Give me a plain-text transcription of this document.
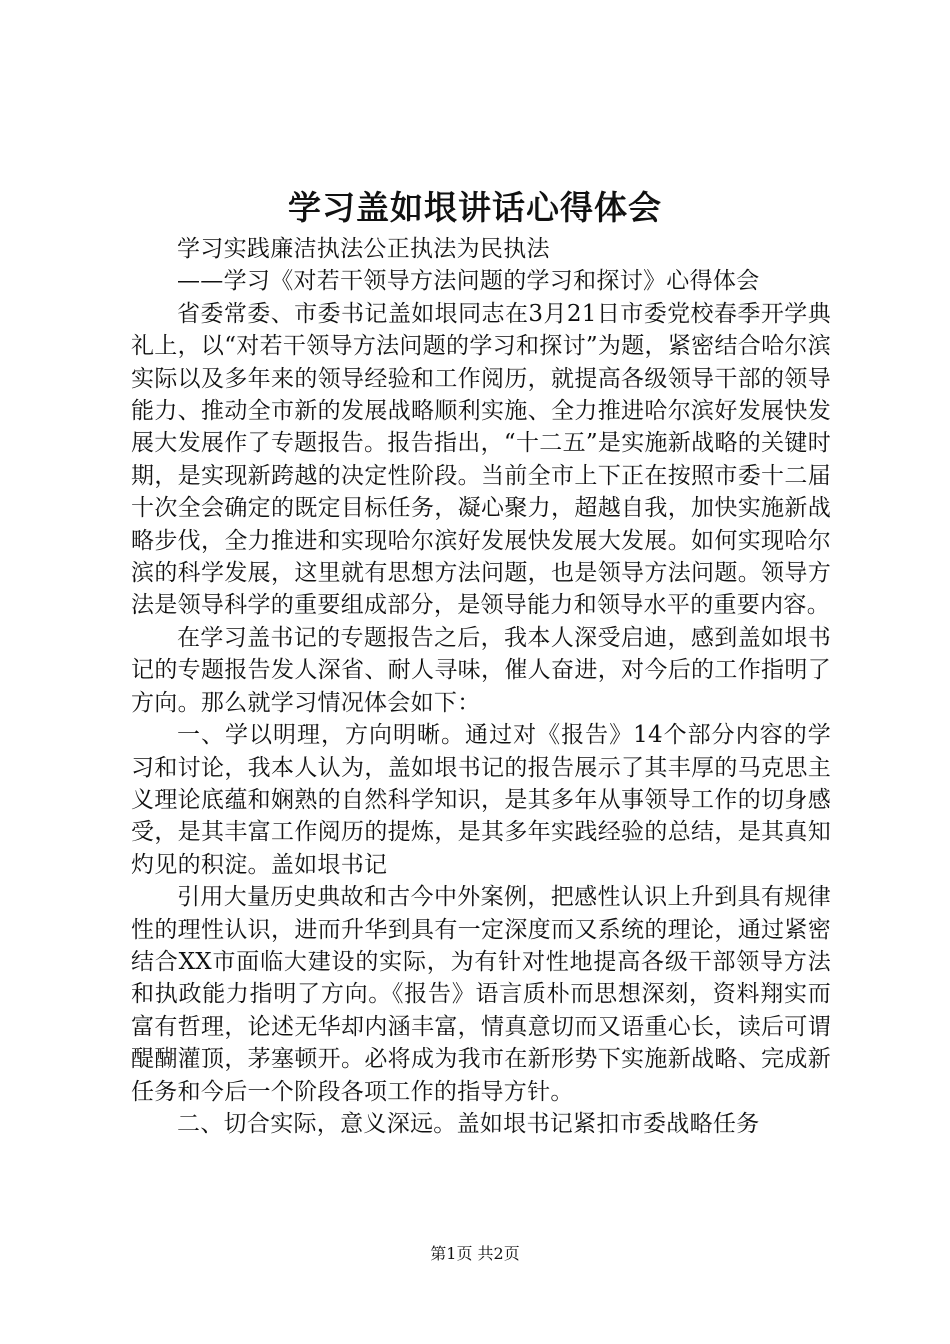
学习盖如垠讲话心得体会

学习实践廉洁执法公正执法为民执法

——学习《对若干领导方法问题的学习和探讨》心得体会

省委常委、市委书记盖如垠同志在3月21日市委党校春季开学典礼上，以“对若干领导方法问题的学习和探讨”为题，紧密结合哈尔滨实际以及多年来的领导经验和工作阅历，就提高各级领导干部的领导能力、推动全市新的发展战略顺利实施、全力推进哈尔滨好发展快发展大发展作了专题报告。报告指出，“十二五”是实施新战略的关键时期，是实现新跨越的决定性阶段。当前全市上下正在按照市委十二届十次全会确定的既定目标任务，凝心聚力，超越自我，加快实施新战略步伐，全力推进和实现哈尔滨好发展快发展大发展。如何实现哈尔滨的科学发展，这里就有思想方法问题，也是领导方法问题。领导方法是领导科学的重要组成部分，是领导能力和领导水平的重要内容。

在学习盖书记的专题报告之后，我本人深受启迪，感到盖如垠书记的专题报告发人深省、耐人寻味，催人奋进，对今后的工作指明了方向。那么就学习情况体会如下：

一、学以明理，方向明晰。通过对《报告》14个部分内容的学习和讨论，我本人认为，盖如垠书记的报告展示了其丰厚的马克思主义理论底蕴和娴熟的自然科学知识，是其多年从事领导工作的切身感受，是其丰富工作阅历的提炼，是其多年实践经验的总结，是其真知灼见的积淀。盖如垠书记

引用大量历史典故和古今中外案例，把感性认识上升到具有规律性的理性认识，进而升华到具有一定深度而又系统的理论，通过紧密结合XX市面临大建设的实际，为有针对性地提高各级干部领导方法和执政能力指明了方向。《报告》语言质朴而思想深刻，资料翔实而富有哲理，论述无华却内涵丰富，情真意切而又语重心长，读后可谓醍醐灌顶，茅塞顿开。必将成为我市在新形势下实施新战略、完成新任务和今后一个阶段各项工作的指导方针。

二、切合实际，意义深远。盖如垠书记紧扣市委战略任务

第1页 共2页
